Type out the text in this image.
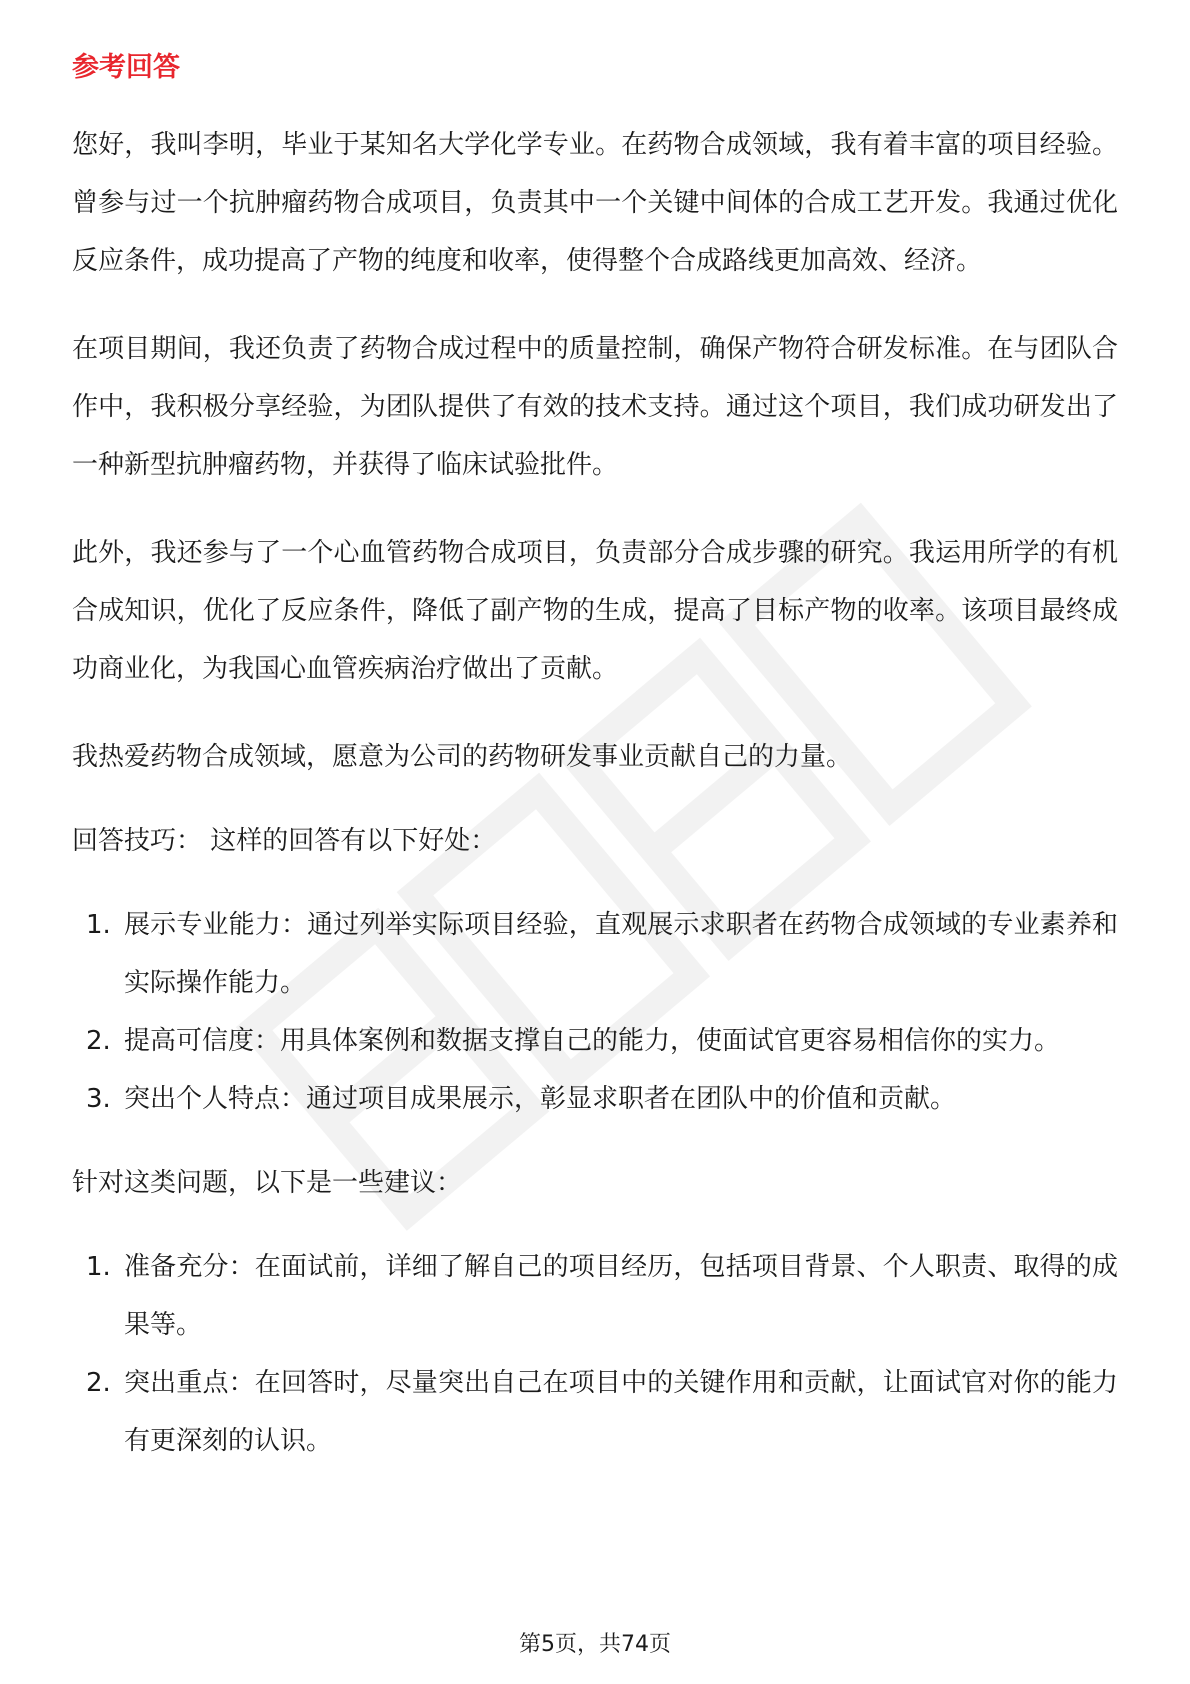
参考回答

您好，我叫李明，毕业于某知名大学化学专业。在药物合成领域，我有着丰富的项目经验。曾参与过一个抗肿瘤药物合成项目，负责其中一个关键中间体的合成工艺开发。我通过优化反应条件，成功提高了产物的纯度和收率，使得整个合成路线更加高效、经济。

在项目期间，我还负责了药物合成过程中的质量控制，确保产物符合研发标准。在与团队合作中，我积极分享经验，为团队提供了有效的技术支持。通过这个项目，我们成功研发出了一种新型抗肿瘤药物，并获得了临床试验批件。

此外，我还参与了一个心血管药物合成项目，负责部分合成步骤的研究。我运用所学的有机合成知识，优化了反应条件，降低了副产物的生成，提高了目标产物的收率。该项目最终成功商业化，为我国心血管疾病治疗做出了贡献。

我热爱药物合成领域，愿意为公司的药物研发事业贡献自己的力量。

回答技巧： 这样的回答有以下好处：

1. 展示专业能力：通过列举实际项目经验，直观展示求职者在药物合成领域的专业素养和实际操作能力。
2. 提高可信度：用具体案例和数据支撑自己的能力，使面试官更容易相信你的实力。
3. 突出个人特点：通过项目成果展示，彰显求职者在团队中的价值和贡献。

针对这类问题，以下是一些建议：

1. 准备充分：在面试前，详细了解自己的项目经历，包括项目背景、个人职责、取得的成果等。
2. 突出重点：在回答时，尽量突出自己在项目中的关键作用和贡献，让面试官对你的能力有更深刻的认识。
第5页，共74页
